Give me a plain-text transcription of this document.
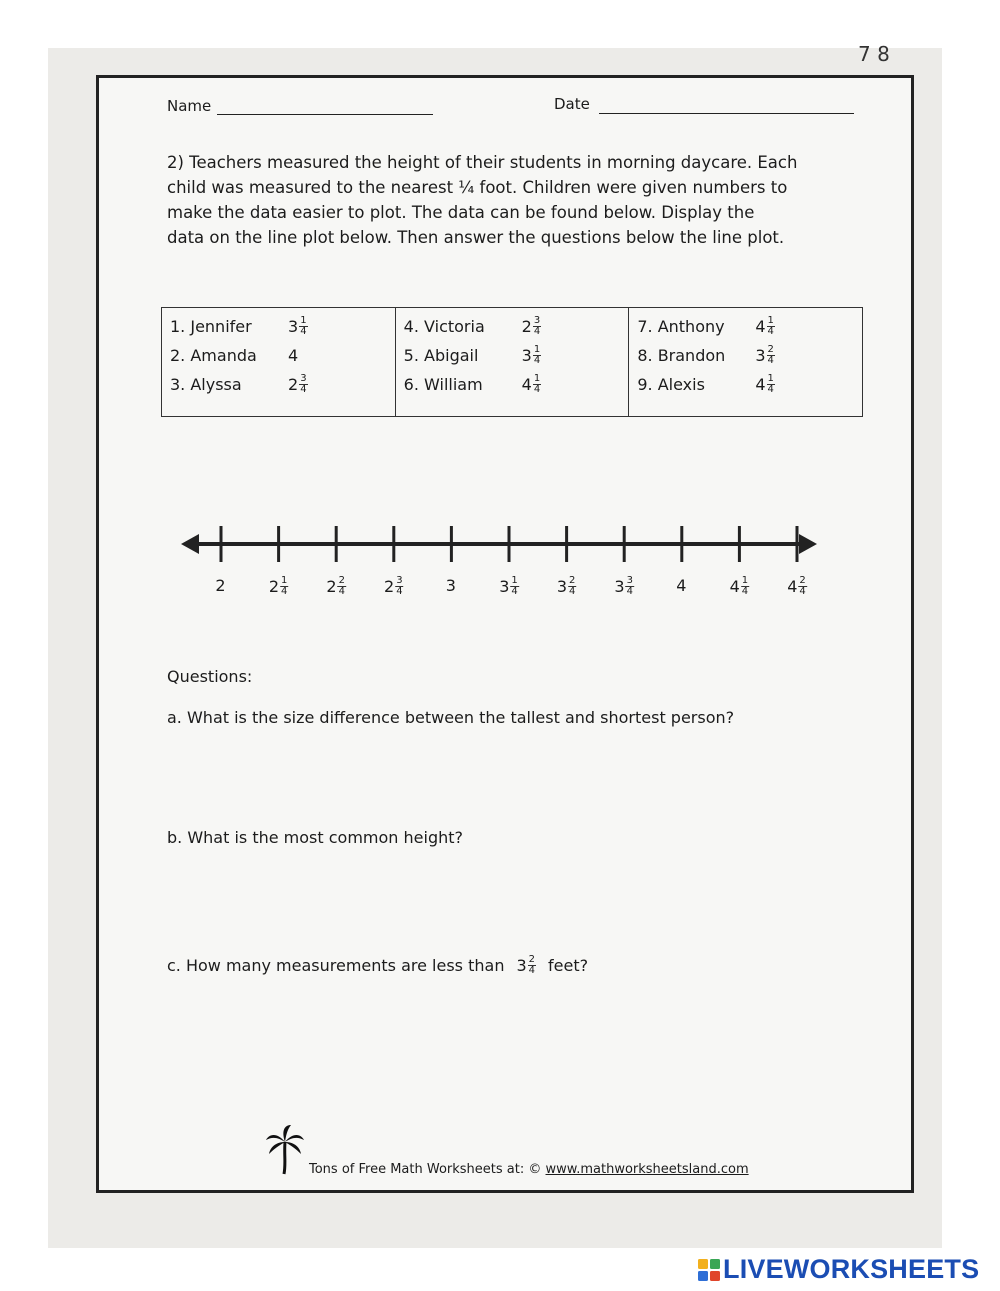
7 8
Name	Date

2) Teachers measured the height of their students in morning daycare. Each

child was measured to the nearest ¼ foot. Children were given numbers to

make the data easier to plot. The data can be found below. Display the

data on the line plot below. Then answer the questions below the line plot.

1. Jennifer	$3 \frac{1}{4}$
2. Amanda	4
3. Alyssa	$2 \frac{3}{4}$
4. Victoria	$2 \frac{3}{4}$
5. Abigail	$3 \frac{1}{4}$
6. William	$4 \frac{1}{4}$
7. Anthony	$4 \frac{1}{4}$
8. Brandon	$3 \frac{2}{4}$
9. Alexis	$4 \frac{1}{4}$
Questions:
a. What is the size difference between the tallest and shortest person?
b. What is the most common height?
c. How many measurements are less than $3 \frac{2}{4}$ feet?
Tons of Free Math Worksheets at: © www.mathworksheetsland.com
2	$2 \frac{1}{4} 2 \frac{2}{4} 2 \frac{3}{4}$	3	$3 \frac{1}{4} 3 \frac{2}{4} 3 \frac{3}{4}$	4	$4 \frac{1}{4} 4 \frac{2}{4}$
LIVEWORKSHEETS
